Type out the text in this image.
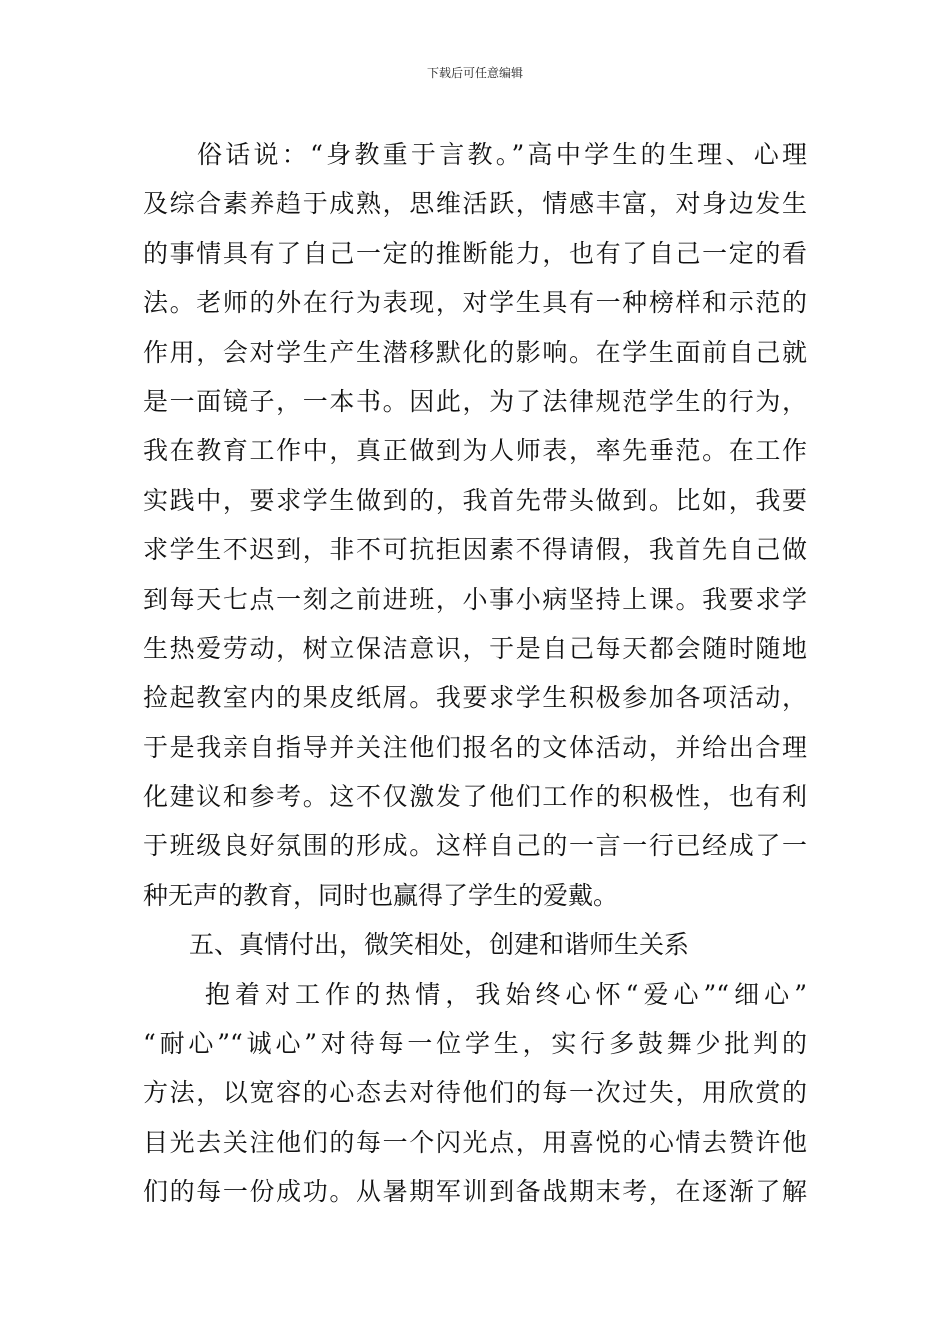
下载后可任意编辑
俗话说：“身教重于言教。”高中学生的生理、心理
及综合素养趋于成熟，思维活跃，情感丰富，对身边发生
的事情具有了自己一定的推断能力，也有了自己一定的看
法。老师的外在行为表现，对学生具有一种榜样和示范的
作用，会对学生产生潜移默化的影响。在学生面前自己就
是一面镜子，一本书。因此，为了法律规范学生的行为，
我在教育工作中，真正做到为人师表，率先垂范。在工作
实践中，要求学生做到的，我首先带头做到。比如，我要
求学生不迟到，非不可抗拒因素不得请假，我首先自己做
到每天七点一刻之前进班，小事小病坚持上课。我要求学
生热爱劳动，树立保洁意识，于是自己每天都会随时随地
捡起教室内的果皮纸屑。我要求学生积极参加各项活动，
于是我亲自指导并关注他们报名的文体活动，并给出合理
化建议和参考。这不仅激发了他们工作的积极性，也有利
于班级良好氛围的形成。这样自己的一言一行已经成了一
种无声的教育，同时也赢得了学生的爱戴。
五、真情付出，微笑相处，创建和谐师生关系
抱着对工作的热情，我始终心怀“爱心”“细心”
“耐心”“诚心”对待每一位学生，实行多鼓舞少批判的
方法，以宽容的心态去对待他们的每一次过失，用欣赏的
目光去关注他们的每一个闪光点，用喜悦的心情去赞许他
们的每一份成功。从暑期军训到备战期末考，在逐渐了解
